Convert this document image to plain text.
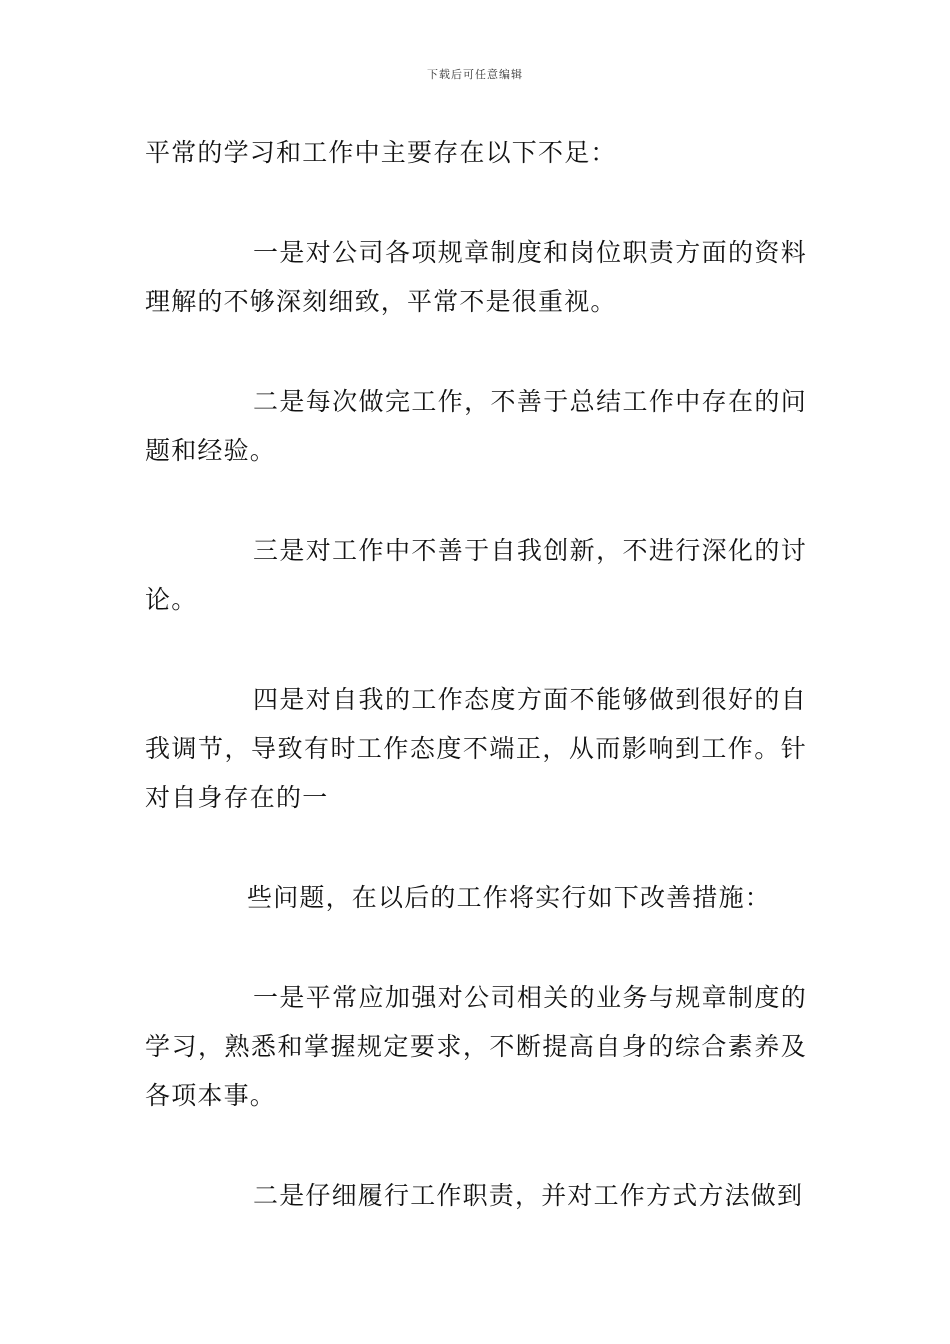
下载后可任意编辑

平常的学习和工作中主要存在以下不足：

一是对公司各项规章制度和岗位职责方面的资料理解的不够深刻细致，平常不是很重视。

二是每次做完工作，不善于总结工作中存在的问题和经验。

三是对工作中不善于自我创新，不进行深化的讨论。

四是对自我的工作态度方面不能够做到很好的自我调节，导致有时工作态度不端正，从而影响到工作。针对自身存在的一

些问题，在以后的工作将实行如下改善措施：

一是平常应加强对公司相关的业务与规章制度的学习，熟悉和掌握规定要求，不断提高自身的综合素养及各项本事。

二是仔细履行工作职责，并对工作方式方法做到
